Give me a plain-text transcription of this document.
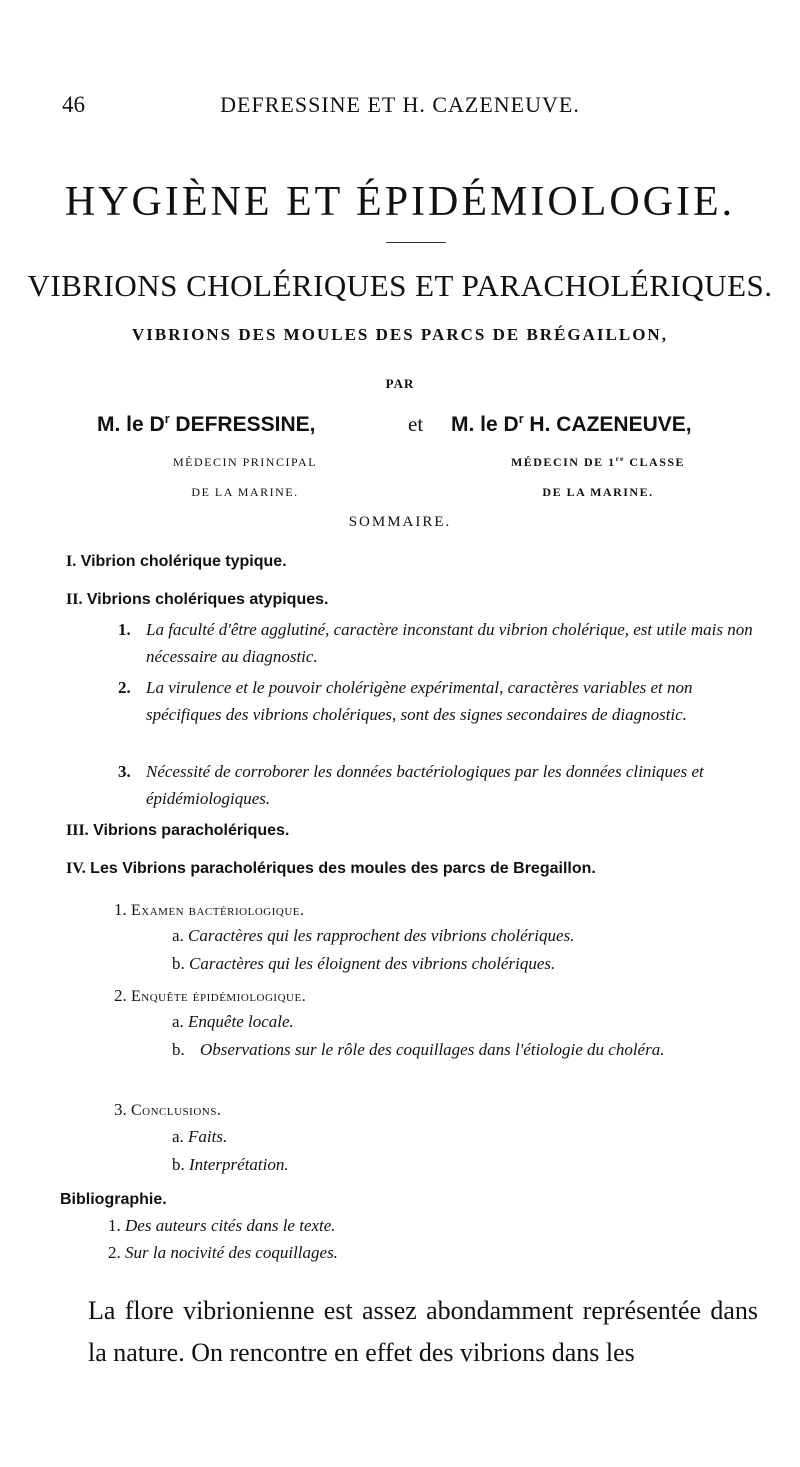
46	DEFRESSINE ET H. CAZENEUVE.
HYGIÈNE ET ÉPIDÉMIOLOGIE.
VIBRIONS CHOLÉRIQUES ET PARACHOLÉRIQUES.
VIBRIONS DES MOULES DES PARCS DE BRÉGAILLON,
PAR
M. le $D^r$ DEFRESSINE,	et M. le $D^r$ H. CAZENEUVE,
MÉDECIN PRINCIPAL
DE LA MARINE.
MÉDECIN DE 1re CLASSE
DE LA MARINE.
SOMMAIRE.
I. Vibrion cholérique typique.
II. Vibrions cholériques atypiques.
1. La faculté d'être agglutiné, caractère inconstant du vibrion cholérique, est utile mais non nécessaire au diagnostic.
2. La virulence et le pouvoir cholérigène expérimental, caractères variables et non spécifiques des vibrions cholériques, sont des signes secondaires de diagnostic.
3. Nécessité de corroborer les données bactériologiques par les données cliniques et épidémiologiques.
III. Vibrions paracholériques.
IV. Les Vibrions paracholériques des moules des parcs de Bregaillon.
1. Examen bactériologique.
a. Caractères qui les rapprochent des vibrions cholériques.
b. Caractères qui les éloignent des vibrions cholériques.
2. Enquête épidémiologique.
a. Enquête locale.
b. Observations sur le rôle des coquillages dans l'étiologie du choléra.
3. Conclusions.
a. Faits.
b. Interprétation.
Bibliographie.
1. Des auteurs cités dans le texte.
2. Sur la nocivité des coquillages.
La flore vibrionienne est assez abondamment représentée dans la nature. On rencontre en effet des vibrions dans les
